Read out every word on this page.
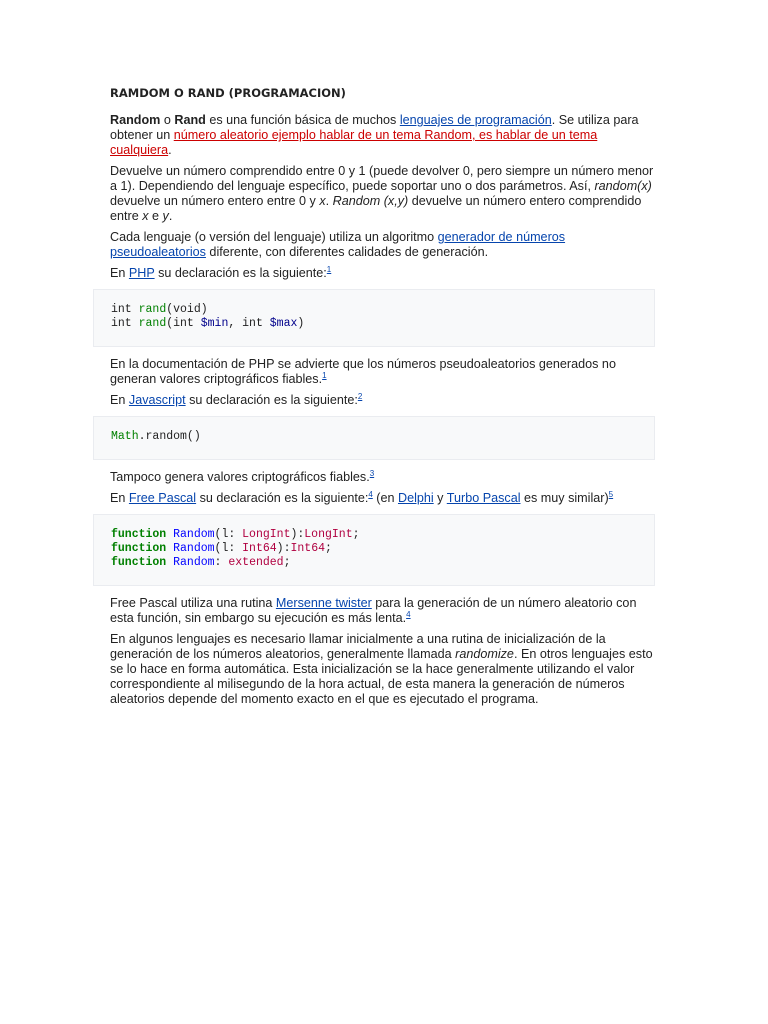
RAMDOM O RAND (PROGRAMACION)

Random o Rand es una función básica de muchos lenguajes de programación. Se utiliza para obtener un número aleatorio ejemplo hablar de un tema Random, es hablar de un tema cualquiera.

Devuelve un número comprendido entre 0 y 1 (puede devolver 0, pero siempre un número menor a 1). Dependiendo del lenguaje específico, puede soportar uno o dos parámetros. Así, random(x) devuelve un número entero entre 0 y x. Random (x,y) devuelve un número entero comprendido entre x e y.

Cada lenguaje (o versión del lenguaje) utiliza un algoritmo generador de números pseudoaleatorios diferente, con diferentes calidades de generación.

En PHP su declaración es la siguiente:$^1$

int rand(void)
int rand(int $min, int $max)

En la documentación de PHP se advierte que los números pseudoaleatorios generados no generan valores criptográficos fiables.$^1$

En Javascript su declaración es la siguiente:$^2$

Math.random()

Tampoco genera valores criptográficos fiables.$^3$

En Free Pascal su declaración es la siguiente:$^4$ (en Delphi y Turbo Pascal es muy similar)$^5$

function Random(l: LongInt):LongInt;
function Random(l: Int64):Int64;
function Random: extended;

Free Pascal utiliza una rutina Mersenne twister para la generación de un número aleatorio con esta función, sin embargo su ejecución es más lenta.$^4$

En algunos lenguajes es necesario llamar inicialmente a una rutina de inicialización de la generación de los números aleatorios, generalmente llamada randomize. En otros lenguajes esto se lo hace en forma automática. Esta inicialización se la hace generalmente utilizando el valor correspondiente al milisegundo de la hora actual, de esta manera la generación de números aleatorios depende del momento exacto en el que es ejecutado el programa.
